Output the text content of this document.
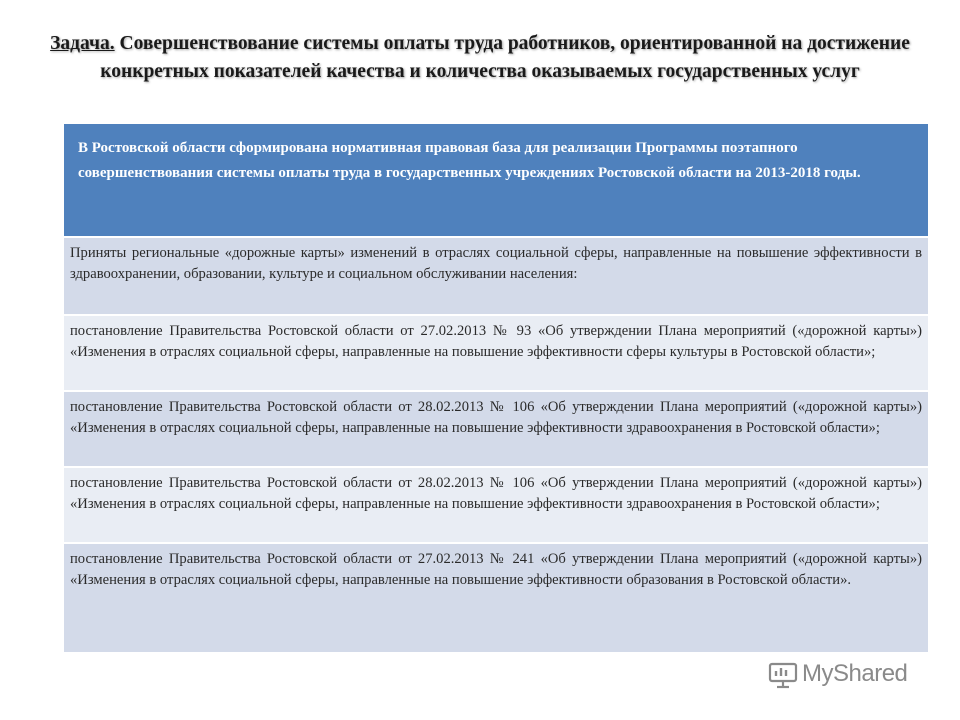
Задача. Совершенствование системы оплаты труда работников, ориентированной на достижение конкретных показателей качества и количества оказываемых государственных услуг
В Ростовской области сформирована нормативная правовая база для реализации Программы поэтапного совершенствования системы оплаты труда в государственных учреждениях Ростовской области на 2013-2018 годы.

Приняты региональные «дорожные карты» изменений в отраслях социальной сферы, направленные на повышение эффективности в здравоохранении, образовании, культуре и социальном обслуживании населения:

постановление Правительства Ростовской области от 27.02.2013 № 93 «Об утверждении Плана мероприятий («дорожной карты») «Изменения в отраслях социальной сферы, направленные на повышение эффективности сферы культуры в Ростовской области»;

постановление Правительства Ростовской области от 28.02.2013 № 106 «Об утверждении Плана мероприятий («дорожной карты») «Изменения в отраслях социальной сферы, направленные на повышение эффективности здравоохранения в Ростовской области»;

постановление Правительства Ростовской области от 28.02.2013 № 106 «Об утверждении Плана мероприятий («дорожной карты») «Изменения в отраслях социальной сферы, направленные на повышение эффективности здравоохранения в Ростовской области»;

постановление Правительства Ростовской области от 27.02.2013 № 241 «Об утверждении Плана мероприятий («дорожной карты») «Изменения в отраслях социальной сферы, направленные на повышение эффективности образования в Ростовской области».

MyShared
